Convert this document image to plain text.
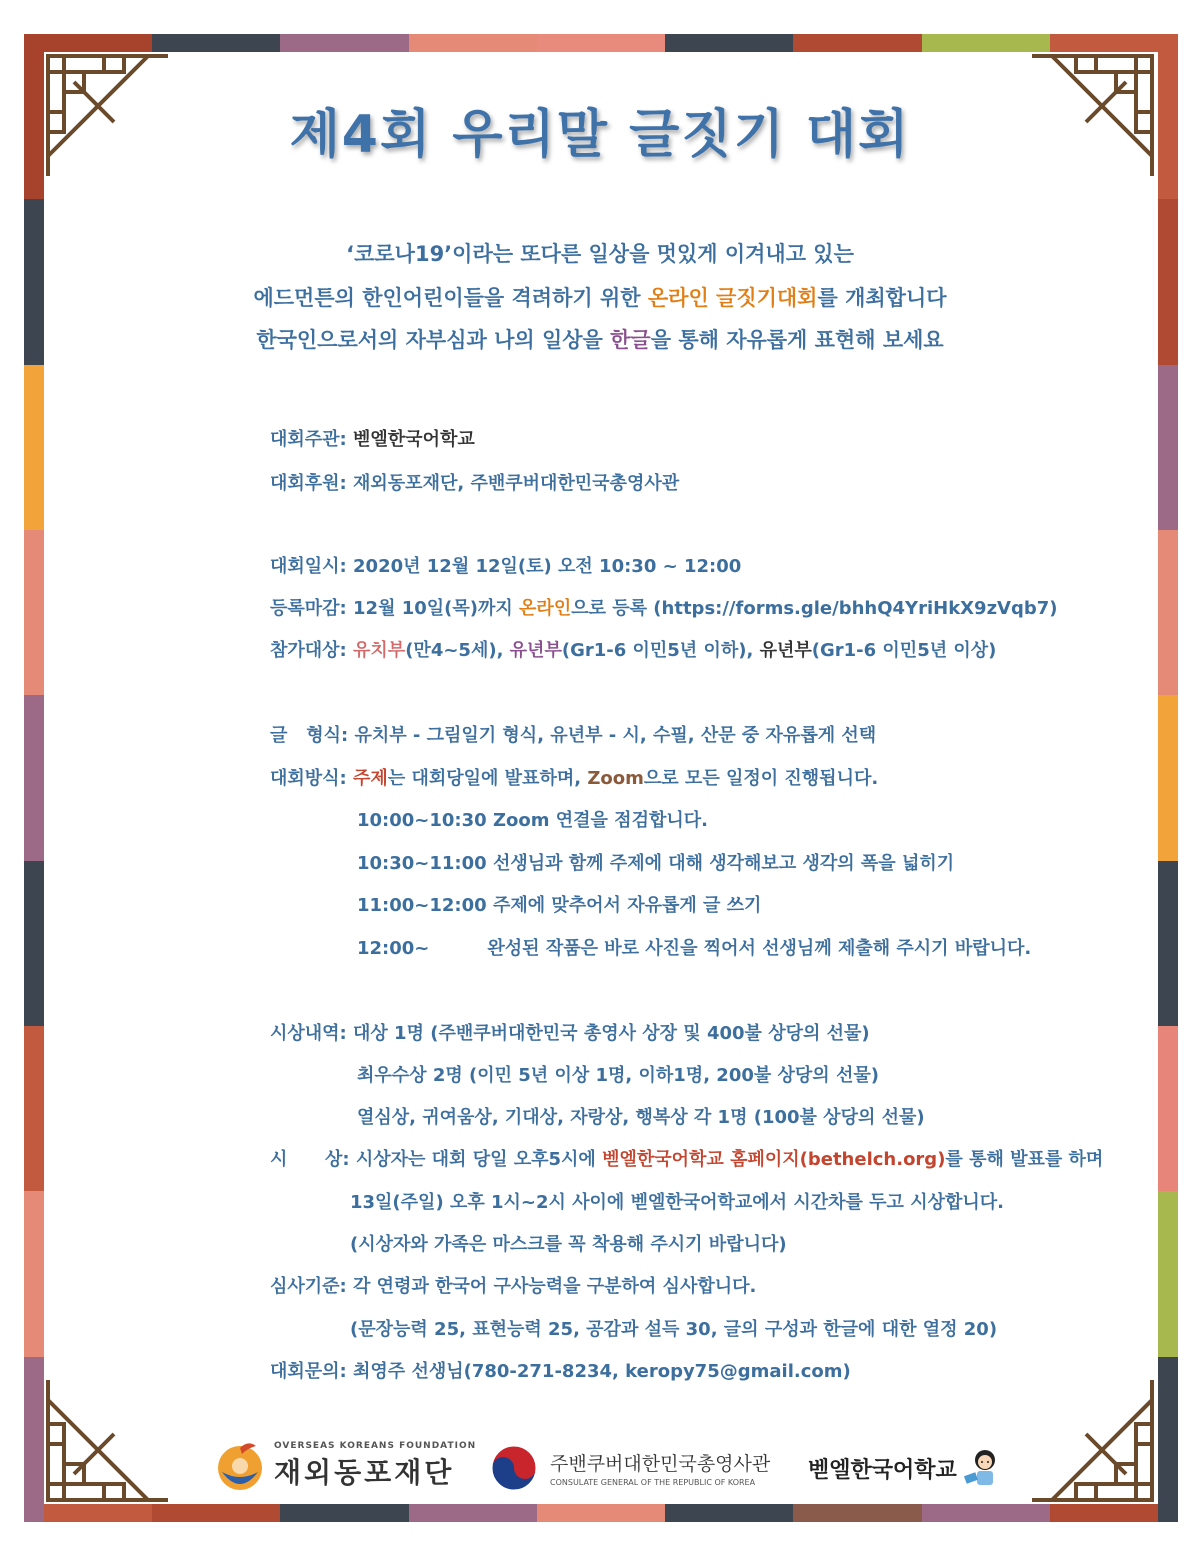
제4회 우리말 글짓기 대회
‘코로나19’이라는 또다른 일상을 멋있게 이겨내고 있는
에드먼튼의 한인어린이들을 격려하기 위한 온라인 글짓기대회를 개최합니다
한국인으로서의 자부심과 나의 일상을 한글을 통해 자유롭게 표현해 보세요
대회주관: 벧엘한국어학교
대회후원: 재외동포재단, 주밴쿠버대한민국총영사관
대회일시: 2020년 12월 12일(토) 오전 10:30 ~ 12:00
등록마감: 12월 10일(목)까지 온라인으로 등록 (https://forms.gle/bhhQ4YriHkX9zVqb7)
참가대상: 유치부(만4~5세), 유년부(Gr1-6 이민5년 이하), 유년부(Gr1-6 이민5년 이상)
글   형식: 유치부 - 그림일기 형식, 유년부 - 시, 수필, 산문 중 자유롭게 선택
대회방식: 주제는 대회당일에 발표하며, Zoom으로 모든 일정이 진행됩니다.
10:00~10:30 Zoom 연결을 점검합니다.
10:30~11:00 선생님과 함께 주제에 대해 생각해보고 생각의 폭을 넓히기
11:00~12:00 주제에 맞추어서 자유롭게 글 쓰기
12:00~	완성된 작품은 바로 사진을 찍어서 선생님께 제출해 주시기 바랍니다.
시상내역: 대상 1명 (주밴쿠버대한민국 총영사 상장 및 400불 상당의 선물)
최우수상 2명 (이민 5년 이상 1명, 이하1명, 200불 상당의 선물)
열심상, 귀여움상, 기대상, 자랑상, 행복상 각 1명 (100불 상당의 선물)
시      상: 시상자는 대회 당일 오후5시에 벧엘한국어학교 홈페이지(bethelch.org)를 통해 발표를 하며
13일(주일) 오후 1시~2시 사이에 벧엘한국어학교에서 시간차를 두고 시상합니다.
(시상자와 가족은 마스크를 꼭 착용해 주시기 바랍니다)
심사기준: 각 연령과 한국어 구사능력을 구분하여 심사합니다.
(문장능력 25, 표현능력 25, 공감과 설득 30, 글의 구성과 한글에 대한 열정 20)
대회문의: 최영주 선생님(780-271-8234, keropy75@gmail.com)
OVERSEAS KOREANS FOUNDATION
재외동포재단	주밴쿠버대한민국총영사관
CONSULATE GENERAL OF THE REPUBLIC OF KOREA	벧엘한국어학교
